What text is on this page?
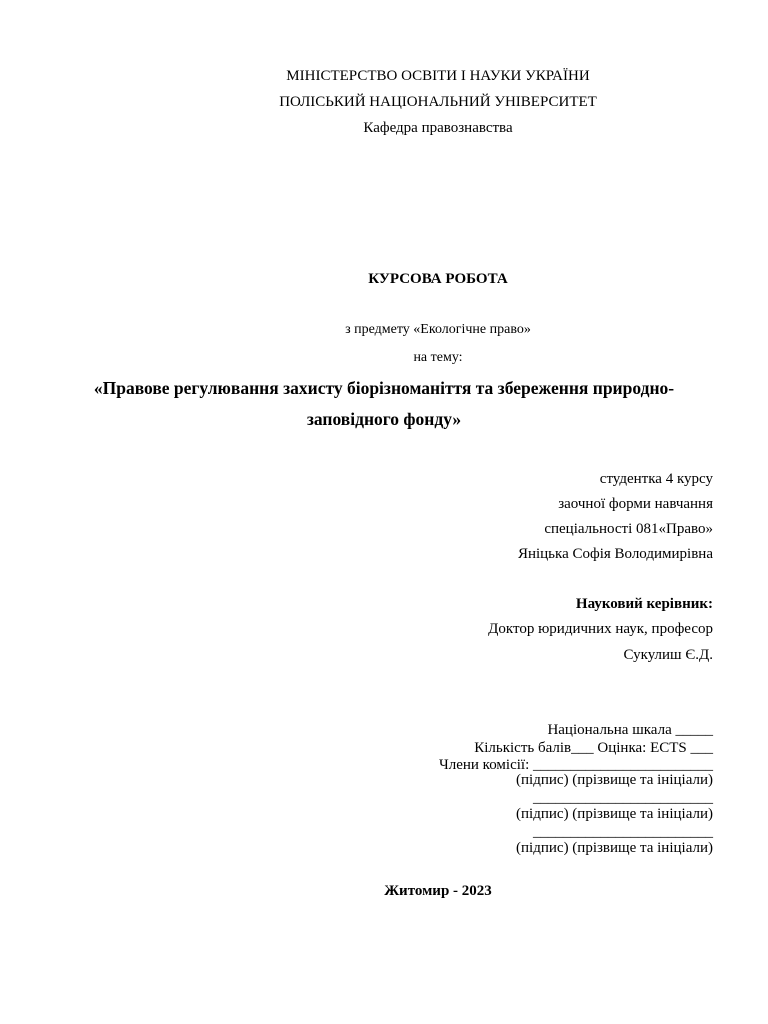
МІНІСТЕРСТВО ОСВІТИ І НАУКИ УКРАЇНИ
ПОЛІСЬКИЙ НАЦІОНАЛЬНИЙ УНІВЕРСИТЕТ
Кафедра правознавства
КУРСОВА РОБОТА
з предмету «Екологічне право»
на тему:
«Правове регулювання захисту біорізноманіття та збереження природно-
заповідного фонду»
студентка 4 курсу
заочної форми навчання
спеціальності 081«Право»
Яніцька Софія Володимирівна
Науковий керівник:
Доктор юридичних наук, професор
Сукулиш Є.Д.
Національна шкала _____
Кількість балів___ Оцінка: ECTS ___
Члени комісії: ________________________
(підпис) (прізвище та ініціали)
________________________
(підпис) (прізвище та ініціали)
________________________
(підпис) (прізвище та ініціали)
Житомир - 2023
